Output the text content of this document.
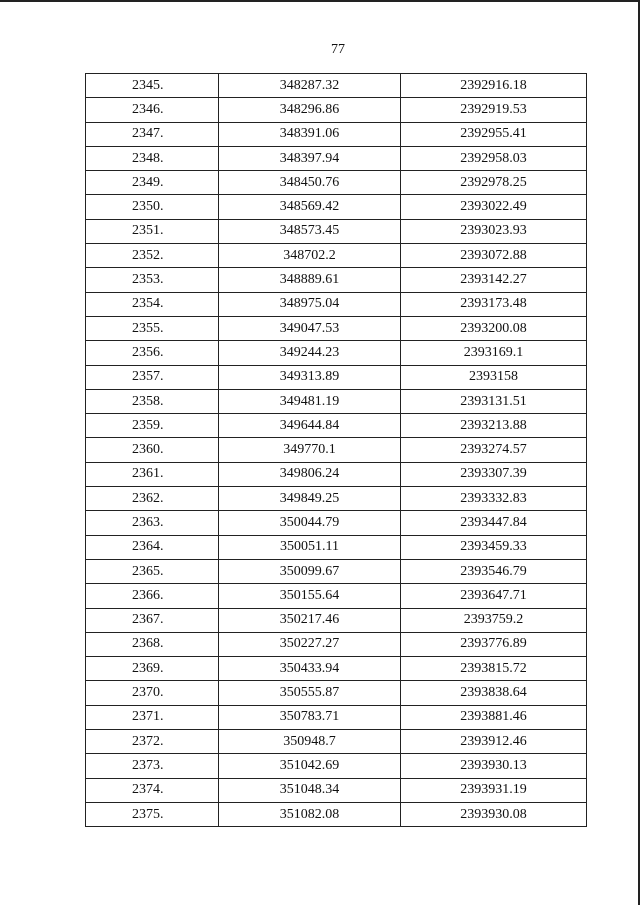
77
2345.	348287.32	2392916.18
2346.	348296.86	2392919.53
2347.	348391.06	2392955.41
2348.	348397.94	2392958.03
2349.	348450.76	2392978.25
2350.	348569.42	2393022.49
2351.	348573.45	2393023.93
2352.	348702.2	2393072.88
2353.	348889.61	2393142.27
2354.	348975.04	2393173.48
2355.	349047.53	2393200.08
2356.	349244.23	2393169.1
2357.	349313.89	2393158
2358.	349481.19	2393131.51
2359.	349644.84	2393213.88
2360.	349770.1	2393274.57
2361.	349806.24	2393307.39
2362.	349849.25	2393332.83
2363.	350044.79	2393447.84
2364.	350051.11	2393459.33
2365.	350099.67	2393546.79
2366.	350155.64	2393647.71
2367.	350217.46	2393759.2
2368.	350227.27	2393776.89
2369.	350433.94	2393815.72
2370.	350555.87	2393838.64
2371.	350783.71	2393881.46
2372.	350948.7	2393912.46
2373.	351042.69	2393930.13
2374.	351048.34	2393931.19
2375.	351082.08	2393930.08
